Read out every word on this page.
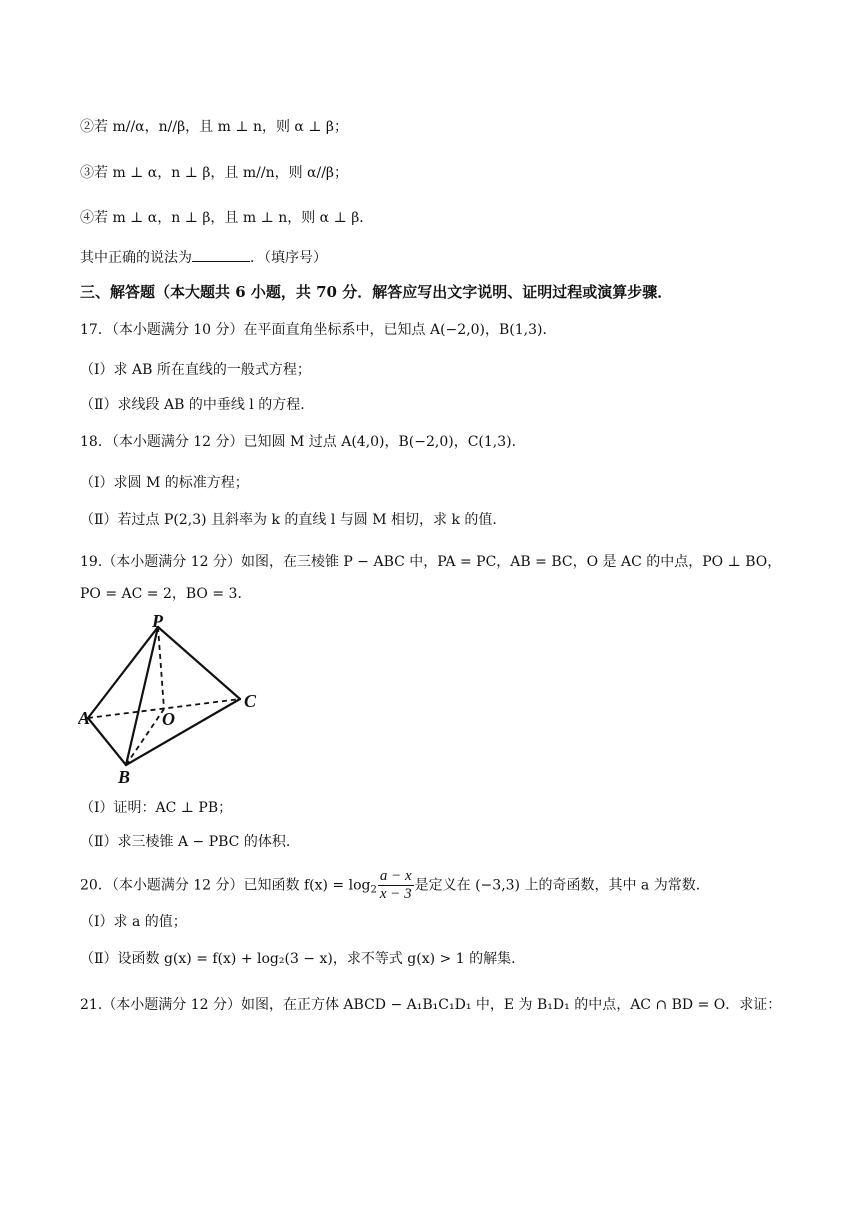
②若 m//α，n//β，且 m ⊥ n，则 α ⊥ β；
③若 m ⊥ α，n ⊥ β，且 m//n，则 α//β；
④若 m ⊥ α，n ⊥ β，且 m ⊥ n，则 α ⊥ β．
其中正确的说法为	．（填序号）
三、解答题（本大题共 6 小题，共 70 分．解答应写出文字说明、证明过程或演算步骤．
17．（本小题满分 10 分）在平面直角坐标系中，已知点 A(−2,0)，B(1,3)．
（Ⅰ）求 AB 所在直线的一般式方程；
（Ⅱ）求线段 AB 的中垂线 l 的方程.
18．（本小题满分 12 分）已知圆 M 过点 A(4,0)，B(−2,0)，C(1,3)．
（Ⅰ）求圆 M 的标准方程；
（Ⅱ）若过点 P(2,3) 且斜率为 k 的直线 l 与圆 M 相切，求 k 的值.
19.（本小题满分 12 分）如图，在三棱锥 P − ABC 中，PA = PC，AB = BC，O 是 AC 的中点，PO ⊥ BO，
PO = AC = 2，BO = 3．
P
A
B
C
O
（Ⅰ）证明：AC ⊥ PB；
（Ⅱ）求三棱锥 A − PBC 的体积.
20．（本小题满分 12 分）已知函数 $f(x) = \log_2 \frac{a - x}{x - 3}$ 是定义在 (−3,3) 上的奇函数，其中 a 为常数.
（Ⅰ）求 a 的值；
（Ⅱ）设函数 g(x) = f(x) + log₂(3 − x)，求不等式 g(x) > 1 的解集.
21.（本小题满分 12 分）如图，在正方体 ABCD − A₁B₁C₁D₁ 中，E 为 B₁D₁ 的中点，AC ∩ BD = O．求证：
